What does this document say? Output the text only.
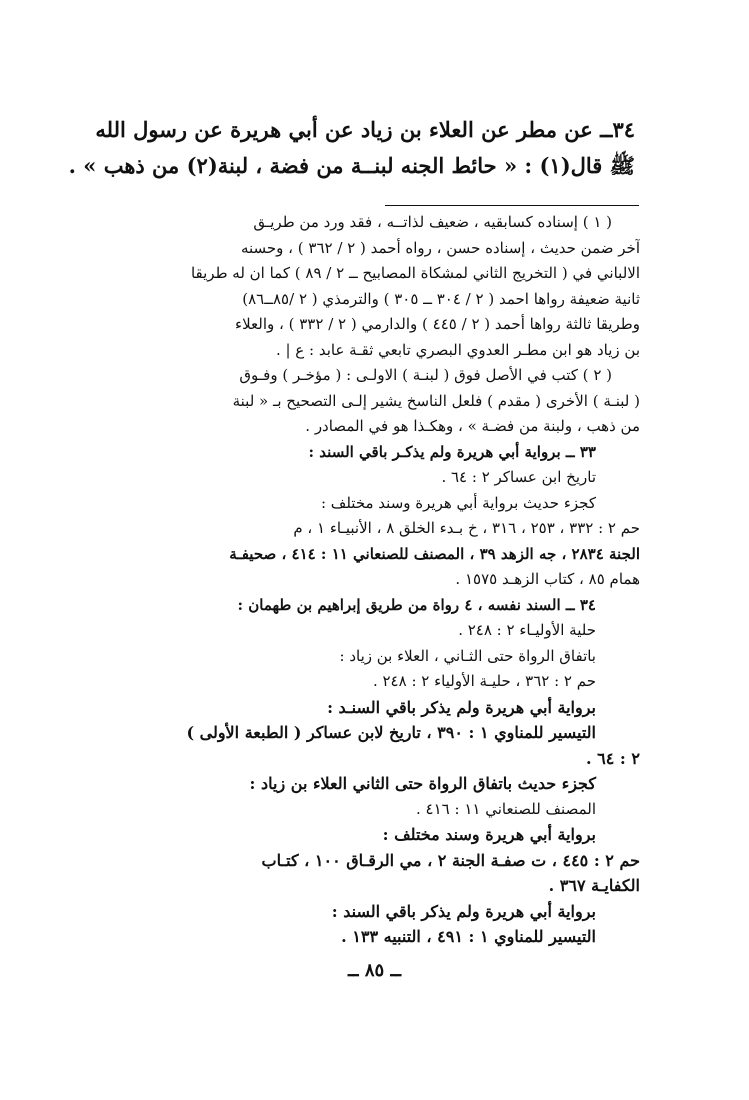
٣٤ــ عن مطر عن العلاء بن زياد عن أبي هريرة عن رسول الله
ﷺ قال(١) : « حائط الجنه لبنــة من فضة ، لبنة(٢) من ذهب » .
( ١ ) إسناده كسابقيه ، ضعيف لذاتــه ، فقد ورد من طريـق
آخر ضمن حديث ، إسناده حسن ، رواه أحمد ( ٢ / ٣٦٢ ) ، وحسنه
الالباني في ( التخريج الثاني لمشكاة المصابيح ــ ٢ / ٨٩ ) كما ان له طريقا
ثانية ضعيفة رواها احمد ( ٢ / ٣٠٤ ــ ٣٠٥ ) والترمذي ( ٢ /٨٥ــ٨٦)
وطريقا ثالثة رواها أحمد ( ٢ / ٤٤٥ ) والدارمي ( ٢ / ٣٣٢ ) ، والعلاء
بن زياد هو ابن مطـر العدوي البصري تابعي ثقـة عابد : ع | .
( ٢ ) كتب في الأصل فوق ( لبنـة ) الاولـى : ( مؤخـر ) وفـوق
( لبنـة ) الأخرى ( مقدم ) فلعل الناسخ يشير إلـى التصحيح بـ « لبنة
من ذهب ، ولبنة من فضـة » ، وهكـذا هو في المصادر .
٣٣ ــ برواية أبي هريرة ولم يذكـر باقي السند :
تاريخ ابن عساكر ٢ : ٦٤ .
كجزء حديث برواية أبي هريرة وسند مختلف :
حم ٢ : ٣٣٢ ، ٢٥٣ ، ٣١٦ ، خ بـدء الخلق ٨ ، الأنبيـاء ١ ، م
الجنة ٢٨٣٤ ، جه الزهد ٣٩ ، المصنف للصنعاني ١١ : ٤١٤ ، صحيفـة
همام ٨٥ ، كتاب الزهـد ١٥٧٥ .
٣٤ ــ السند نفسه ، ٤ رواة من طريق إبراهيم بن طهمان :
حلية الأوليـاء ٢ : ٢٤٨ .
باتفاق الرواة حتى الثـاني ، العلاء بن زياد :
حم ٢ : ٣٦٢ ، حليـة الأولياء ٢ : ٢٤٨ .
برواية أبي هريرة ولم يذكر باقي السنـد :
التيسير للمناوي ١ : ٣٩٠ ، تاريخ لابن عساكر ( الطبعة الأولى )
٢ : ٦٤ .
كجزء حديث باتفاق الرواة حتى الثاني العلاء بن زياد :
المصنف للصنعاني ١١ : ٤١٦ .
برواية أبي هريرة وسند مختلف :
حم ٢ : ٤٤٥ ، ت صفـة الجنة ٢ ، مي الرقـاق ١٠٠ ، كتـاب
الكفايـة ٣٦٧ .
برواية أبي هريرة ولم يذكر باقي السند :
التيسير للمناوي ١ : ٤٩١ ، التنبيه ١٣٣ .
ــ ٨٥ ــ
